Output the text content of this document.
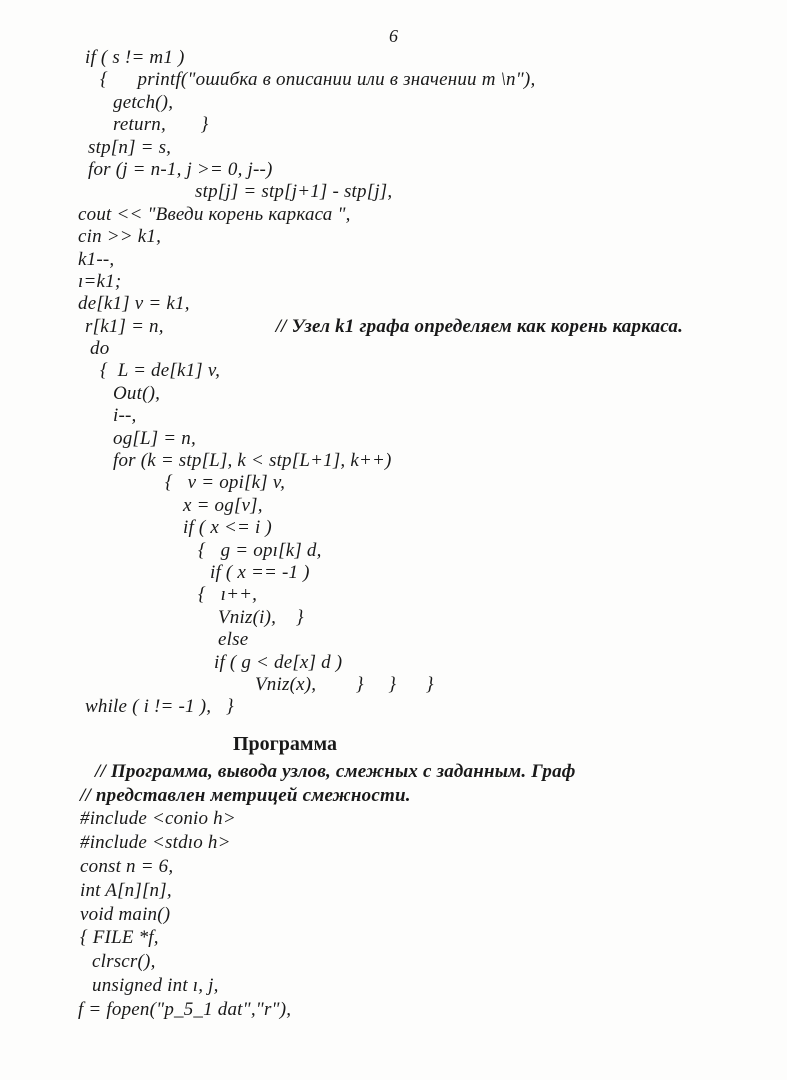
6
if ( s != m1 )
{      printf("ошибка в описании или в значении m \n"),
getch(),
return,       }
stp[n] = s,
for (j = n-1, j >= 0, j--)
stp[j] = stp[j+1] - stp[j],
cout << "Введи корень каркаса ",
cin >> k1,
k1--,
ı=k1;
de[k1] v = k1,
r[k1] = n,	// Узел k1 графа определяем как корень каркаса.
do
{  L = de[k1] v,
Out(),
i--,
og[L] = n,
for (k = stp[L], k < stp[L+1], k++)
{   v = opi[k] v,
x = og[v],
if ( x <= i )
{   g = opı[k] d,
if ( x == -1 )
{   ı++,
Vniz(i),    }
else
if ( g < de[x] d )
Vniz(x),        }     }      }
while ( i != -1 ),   }
Программа
// Программа, вывода узлов, смежных с заданным. Граф
// представлен метрицей смежности.
#include <conio h>
#include <stdıo h>
const n = 6,
int A[n][n],
void main()
{ FILE *f,
clrscr(),
unsigned int ı, j,
f = fopen("p_5_1 dat","r"),
